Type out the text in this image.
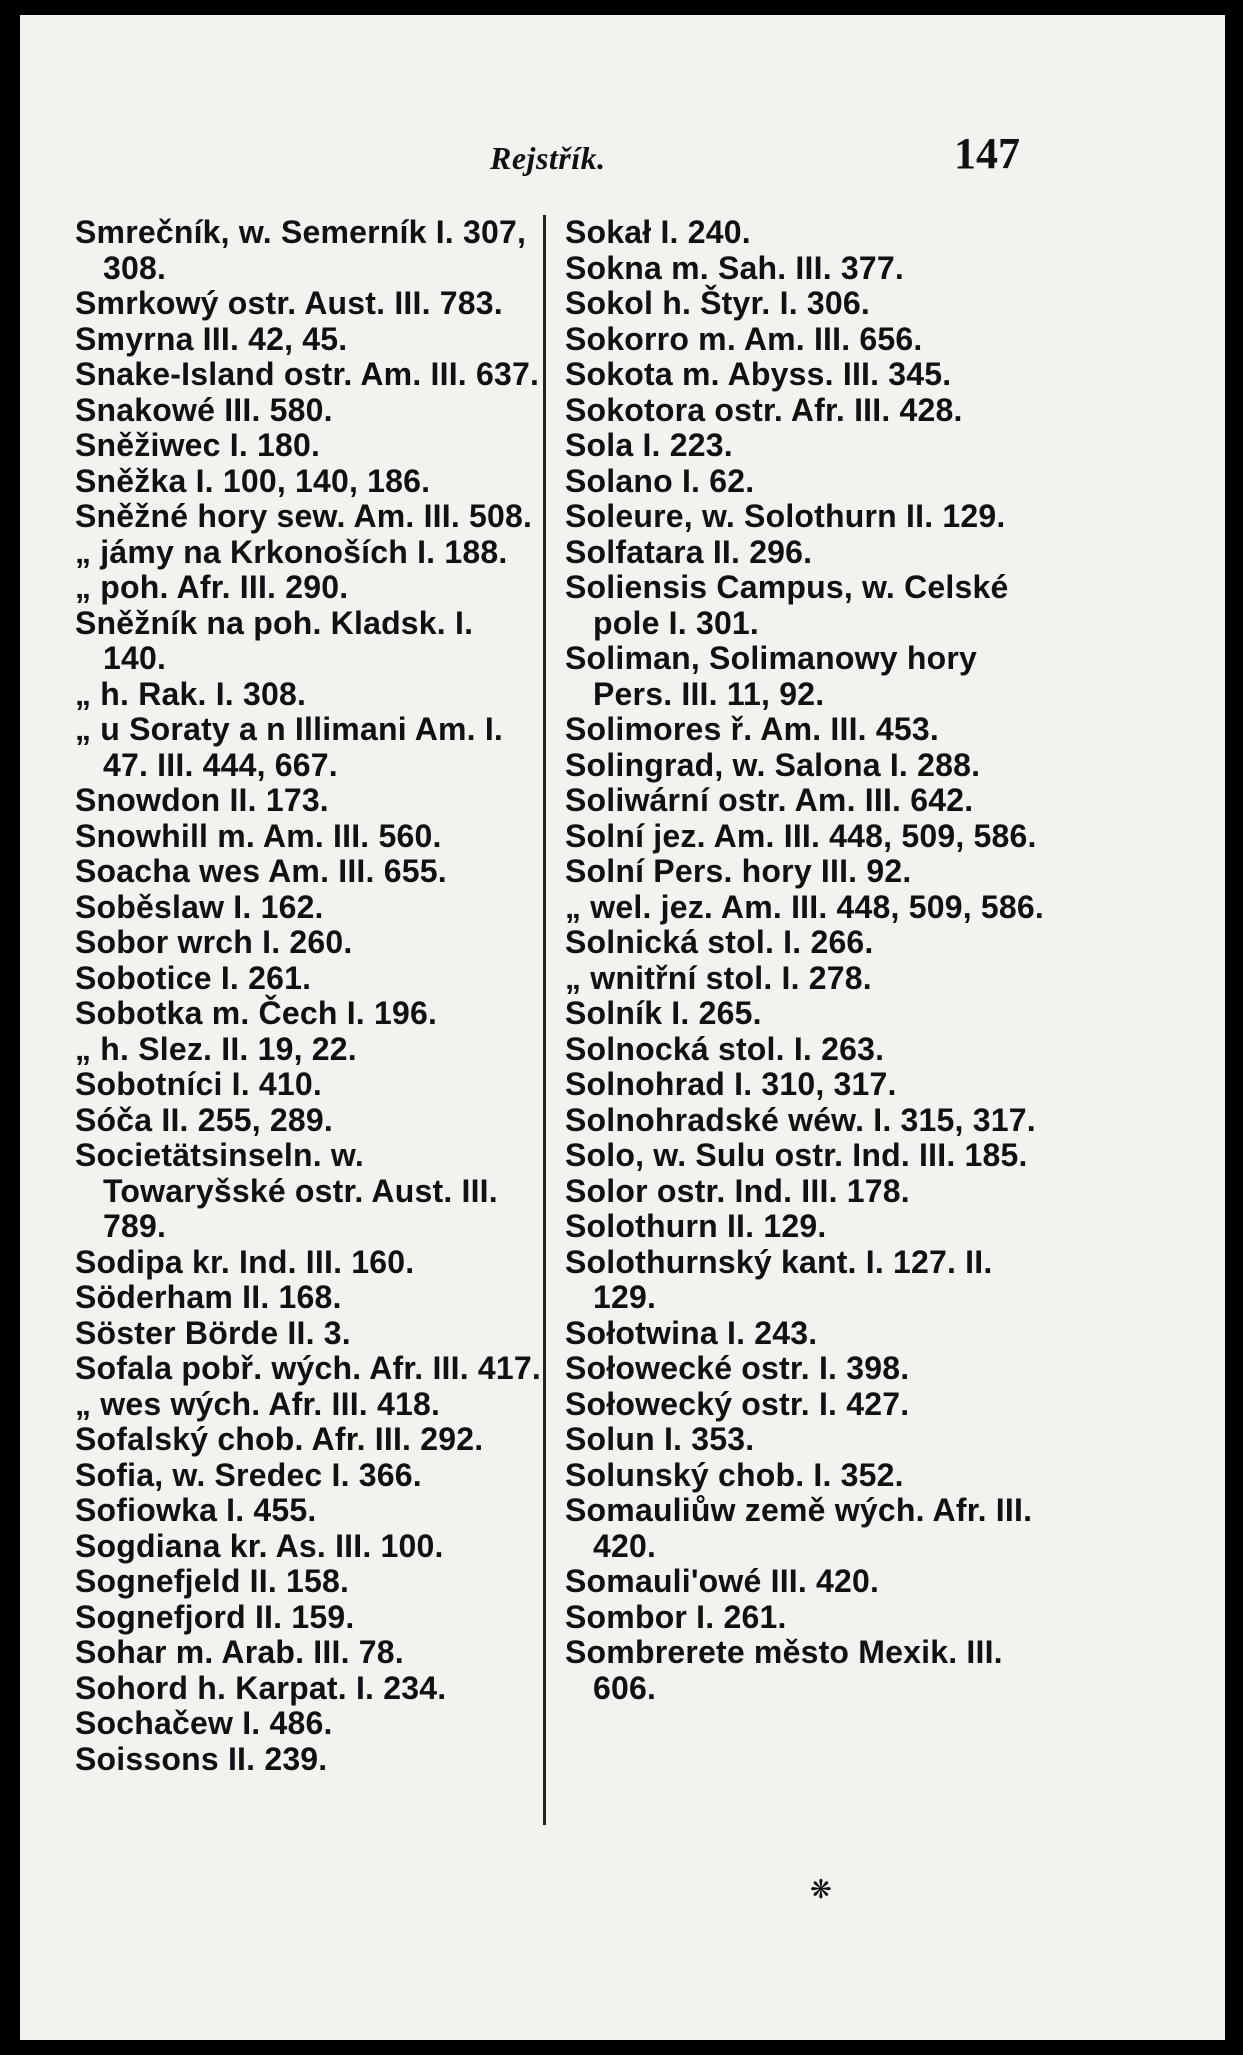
Rejstřík.	147

Smrečník, w. Semerník I. 307, 308.

Smrkowý ostr. Aust. III. 783.

Smyrna III. 42, 45.

Snake-Island ostr. Am. III. 637.

Snakowé III. 580.

Sněžiwec I. 180.

Sněžka I. 100, 140, 186.

Sněžné hory sew. Am. III. 508.

„ jámy na Krkonoších I. 188.

„ poh. Afr. III. 290.

Sněžník na poh. Kladsk. I. 140.

„ h. Rak. I. 308.

„ u Soraty a n Illimani Am. I. 47. III. 444, 667.

Snowdon II. 173.

Snowhill m. Am. III. 560.

Soacha wes Am. III. 655.

Soběslaw I. 162.

Sobor wrch I. 260.

Sobotice I. 261.

Sobotka m. Čech I. 196.

„ h. Slez. II. 19, 22.

Sobotníci I. 410.

Sóča II. 255, 289.

Societätsinseln. w. Towaryšské ostr. Aust. III. 789.

Sodipa kr. Ind. III. 160.

Söderham II. 168.

Söster Börde II. 3.

Sofala pobř. wých. Afr. III. 417.

„ wes wých. Afr. III. 418.

Sofalský chob. Afr. III. 292.

Sofia, w. Sredec I. 366.

Sofiowka I. 455.

Sogdiana kr. As. III. 100.

Sognefjeld II. 158.

Sognefjord II. 159.

Sohar m. Arab. III. 78.

Sohord h. Karpat. I. 234.

Sochačew I. 486.

Soissons II. 239.

Sokał I. 240.

Sokna m. Sah. III. 377.

Sokol h. Štyr. I. 306.

Sokorro m. Am. III. 656.

Sokota m. Abyss. III. 345.

Sokotora ostr. Afr. III. 428.

Sola I. 223.

Solano I. 62.

Soleure, w. Solothurn II. 129.

Solfatara II. 296.

Soliensis Campus, w. Celské pole I. 301.

Soliman, Solimanowy hory Pers. III. 11, 92.

Solimores ř. Am. III. 453.

Solingrad, w. Salona I. 288.

Soliwární ostr. Am. III. 642.

Solní jez. Am. III. 448, 509, 586.

Solní Pers. hory III. 92.

„ wel. jez. Am. III. 448, 509, 586.

Solnická stol. I. 266.

„ wnitřní stol. I. 278.

Solník I. 265.

Solnocká stol. I. 263.

Solnohrad I. 310, 317.

Solnohradské wéw. I. 315, 317.

Solo, w. Sulu ostr. Ind. III. 185.

Solor ostr. Ind. III. 178.

Solothurn II. 129.

Solothurnský kant. I. 127. II. 129.

Sołotwina I. 243.

Sołowecké ostr. I. 398.

Sołowecký ostr. I. 427.

Solun I. 353.

Solunský chob. I. 352.

Somauliůw země wých. Afr. III. 420.

Somauli'owé III. 420.

Sombor I. 261.

Sombrerete město Mexik. III. 606.

❋
